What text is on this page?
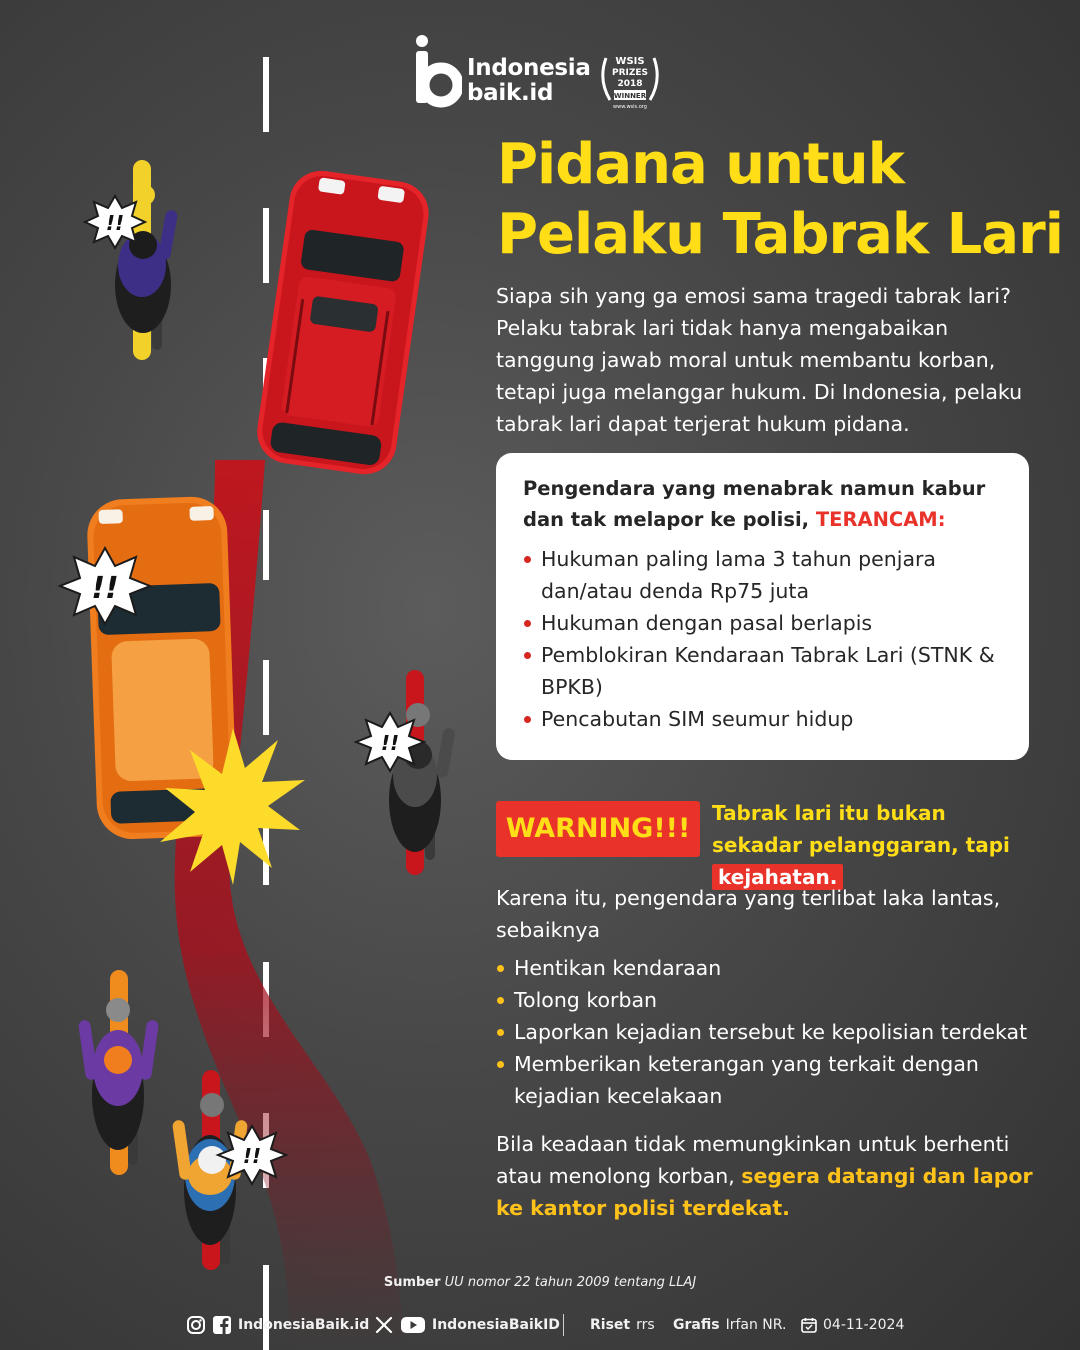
!!
!!
!!
!!
Indonesia
baik.id
WSIS
PRIZES
2018
WINNER
www.wsis.org
Pidana untuk
Pelaku Tabrak Lari
Siapa sih yang ga emosi sama tragedi tabrak lari? Pelaku tabrak lari tidak hanya mengabaikan tanggung jawab moral untuk membantu korban, tetapi juga melanggar hukum. Di Indonesia, pelaku tabrak lari dapat terjerat hukum pidana.
Pengendara yang menabrak namun kabur dan tak melapor ke polisi, TERANCAM:
Hukuman paling lama 3 tahun penjara dan/atau denda Rp75 juta
Hukuman dengan pasal berlapis
Pemblokiran Kendaraan Tabrak Lari (STNK & BPKB)
Pencabutan SIM seumur hidup
WARNING!!!	Tabrak lari itu bukan sekadar pelanggaran, tapi kejahatan.
Karena itu, pengendara yang terlibat laka lantas, sebaiknya
Hentikan kendaraan
Tolong korban
Laporkan kejadian tersebut ke kepolisian terdekat
Memberikan keterangan yang terkait dengan kejadian kecelakaan
Bila keadaan tidak memungkinkan untuk berhenti atau menolong korban, segera datangi dan lapor ke kantor polisi terdekat.
Sumber UU nomor 22 tahun 2009 tentang LLAJ
IndonesiaBaik.id	IndonesiaBaikID Riset rrs Grafis Irfan NR.	04-11-2024
